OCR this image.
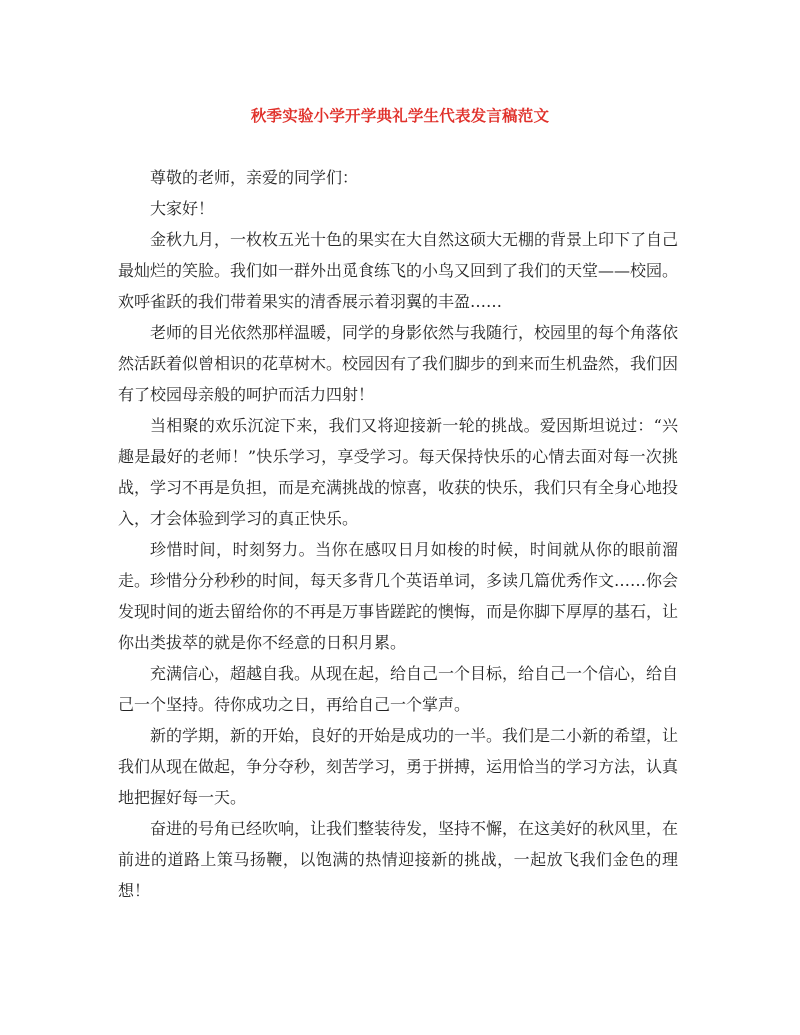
秋季实验小学开学典礼学生代表发言稿范文

尊敬的老师，亲爱的同学们：

大家好！

金秋九月，一枚枚五光十色的果实在大自然这硕大无棚的背景上印下了自己最灿烂的笑脸。我们如一群外出觅食练飞的小鸟又回到了我们的天堂——校园。欢呼雀跃的我们带着果实的清香展示着羽翼的丰盈……

老师的目光依然那样温暖，同学的身影依然与我随行，校园里的每个角落依然活跃着似曾相识的花草树木。校园因有了我们脚步的到来而生机盎然，我们因有了校园母亲般的呵护而活力四射！

当相聚的欢乐沉淀下来，我们又将迎接新一轮的挑战。爱因斯坦说过：“兴趣是最好的老师！”快乐学习，享受学习。每天保持快乐的心情去面对每一次挑战，学习不再是负担，而是充满挑战的惊喜，收获的快乐，我们只有全身心地投入，才会体验到学习的真正快乐。

珍惜时间，时刻努力。当你在感叹日月如梭的时候，时间就从你的眼前溜走。珍惜分分秒秒的时间，每天多背几个英语单词，多读几篇优秀作文……你会发现时间的逝去留给你的不再是万事皆蹉跎的懊悔，而是你脚下厚厚的基石，让你出类拔萃的就是你不经意的日积月累。

充满信心，超越自我。从现在起，给自己一个目标，给自己一个信心，给自己一个坚持。待你成功之日，再给自己一个掌声。

新的学期，新的开始，良好的开始是成功的一半。我们是二小新的希望，让我们从现在做起，争分夺秒，刻苦学习，勇于拼搏，运用恰当的学习方法，认真地把握好每一天。

奋进的号角已经吹响，让我们整装待发，坚持不懈，在这美好的秋风里，在前进的道路上策马扬鞭，以饱满的热情迎接新的挑战，一起放飞我们金色的理想！
